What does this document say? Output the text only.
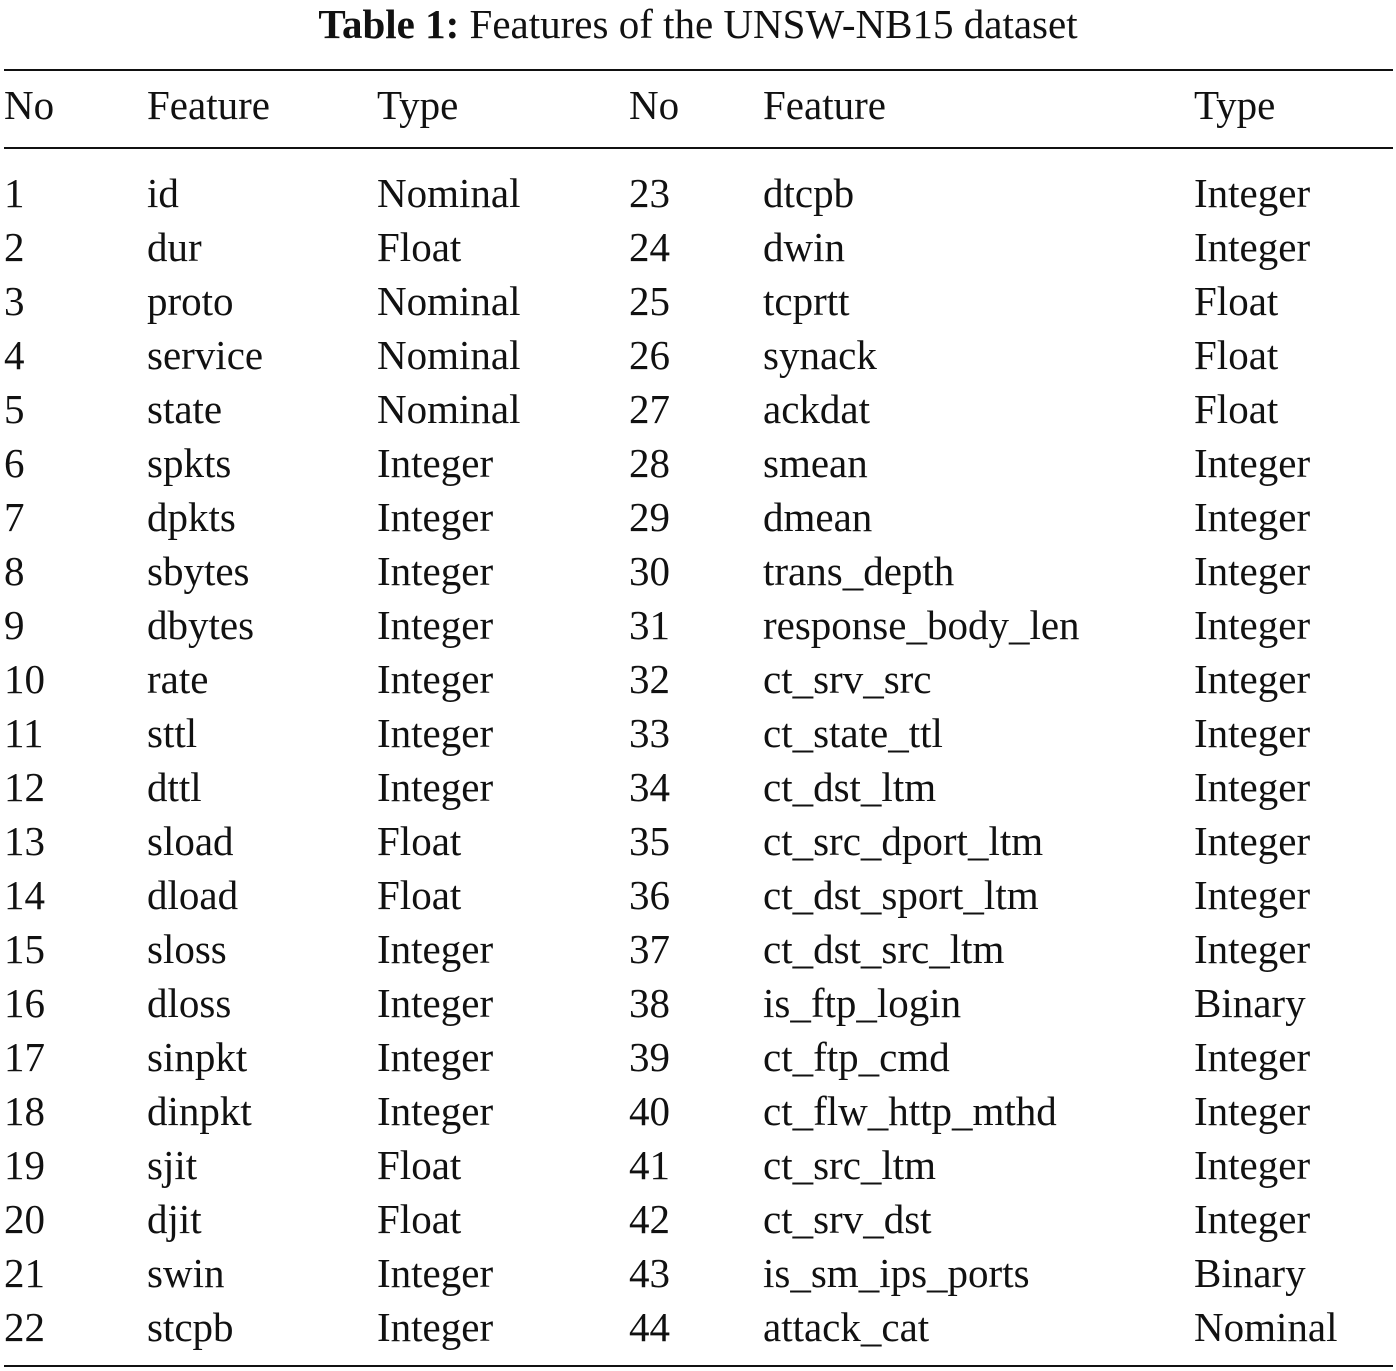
Table 1: Features of the UNSW-NB15 dataset
No Feature	Type	No Feature	Type
1	id	Nominal	23 dtcpb	Integer
2	dur	Float	24 dwin	Integer
3	proto	Nominal	25 tcprtt	Float
4	service	Nominal	26 synack	Float
5	state	Nominal	27 ackdat	Float
6	spkts	Integer	28 smean	Integer
7	dpkts	Integer	29 dmean	Integer
8	sbytes	Integer	30 trans_depth	Integer
9	dbytes	Integer	31 response_body_len	Integer
10 rate	Integer	32 ct_srv_src	Integer
11	sttl	Integer	33 ct_state_ttl	Integer
12 dttl	Integer	34 ct_dst_ltm	Integer
13 sload	Float	35 ct_src_dport_ltm	Integer
14 dload	Float	36 ct_dst_sport_ltm	Integer
15 sloss	Integer	37 ct_dst_src_ltm	Integer
16 dloss	Integer	38 is_ftp_login	Binary
17 sinpkt	Integer	39 ct_ftp_cmd	Integer
18 dinpkt	Integer	40 ct_flw_http_mthd	Integer
19 sjit	Float	41 ct_src_ltm	Integer
20 djit	Float	42 ct_srv_dst	Integer
21 swin	Integer	43 is_sm_ips_ports	Binary
22 stcpb	Integer	44 attack_cat	Nominal
